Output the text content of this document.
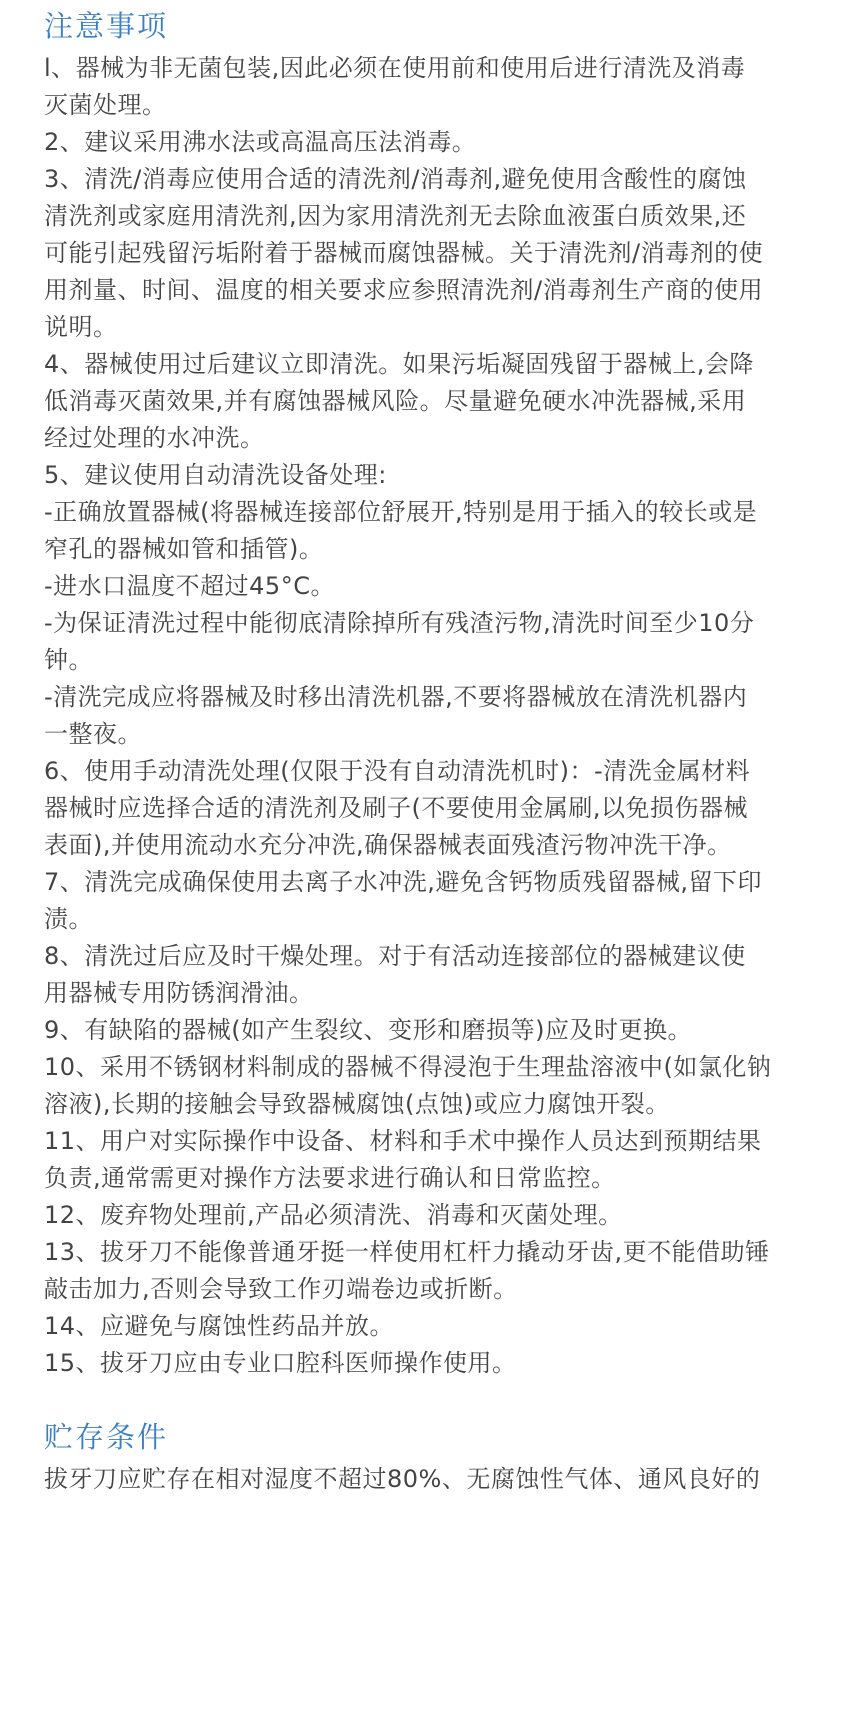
注意事项
l、器械为非无菌包装,因此必须在使用前和使用后进行清洗及消毒
灭菌处理。
2、建议采用沸水法或高温高压法消毒。
3、清洗/消毒应使用合适的清洗剂/消毒剂,避免使用含酸性的腐蚀
清洗剂或家庭用清洗剂,因为家用清洗剂无去除血液蛋白质效果,还
可能引起残留污垢附着于器械而腐蚀器械。关于清洗剂/消毒剂的使
用剂量、时间、温度的相关要求应参照清洗剂/消毒剂生产商的使用
说明。
4、器械使用过后建议立即清洗。如果污垢凝固残留于器械上,会降
低消毒灭菌效果,并有腐蚀器械风险。尽量避免硬水冲洗器械,采用
经过处理的水冲洗。
5、建议使用自动清洗设备处理:
-正确放置器械(将器械连接部位舒展开,特别是用于插入的较长或是
窄孔的器械如管和插管)。
-进水口温度不超过45°C。
-为保证清洗过程中能彻底清除掉所有残渣污物,清洗时间至少10分
钟。
-清洗完成应将器械及时移出清洗机器,不要将器械放在清洗机器内
一整夜。
6、使用手动清洗处理(仅限于没有自动清洗机时)：-清洗金属材料
器械时应选择合适的清洗剂及刷子(不要使用金属刷,以免损伤器械
表面),并使用流动水充分冲洗,确保器械表面残渣污物冲洗干净。
7、清洗完成确保使用去离子水冲洗,避免含钙物质残留器械,留下印
渍。
8、清洗过后应及时干燥处理。对于有活动连接部位的器械建议使
用器械专用防锈润滑油。
9、有缺陷的器械(如产生裂纹、变形和磨损等)应及时更换。
10、采用不锈钢材料制成的器械不得浸泡于生理盐溶液中(如氯化钠
溶液),长期的接触会导致器械腐蚀(点蚀)或应力腐蚀开裂。
11、用户对实际操作中设备、材料和手术中操作人员达到预期结果
负责,通常需更对操作方法要求进行确认和日常监控。
12、废弃物处理前,产品必须清洗、消毒和灭菌处理。
13、拔牙刀不能像普通牙挺一样使用杠杆力撬动牙齿,更不能借助锤
敲击加力,否则会导致工作刃端卷边或折断。
14、应避免与腐蚀性药品并放。
15、拔牙刀应由专业口腔科医师操作使用。
贮存条件
拔牙刀应贮存在相对湿度不超过80%、无腐蚀性气体、通风良好的
